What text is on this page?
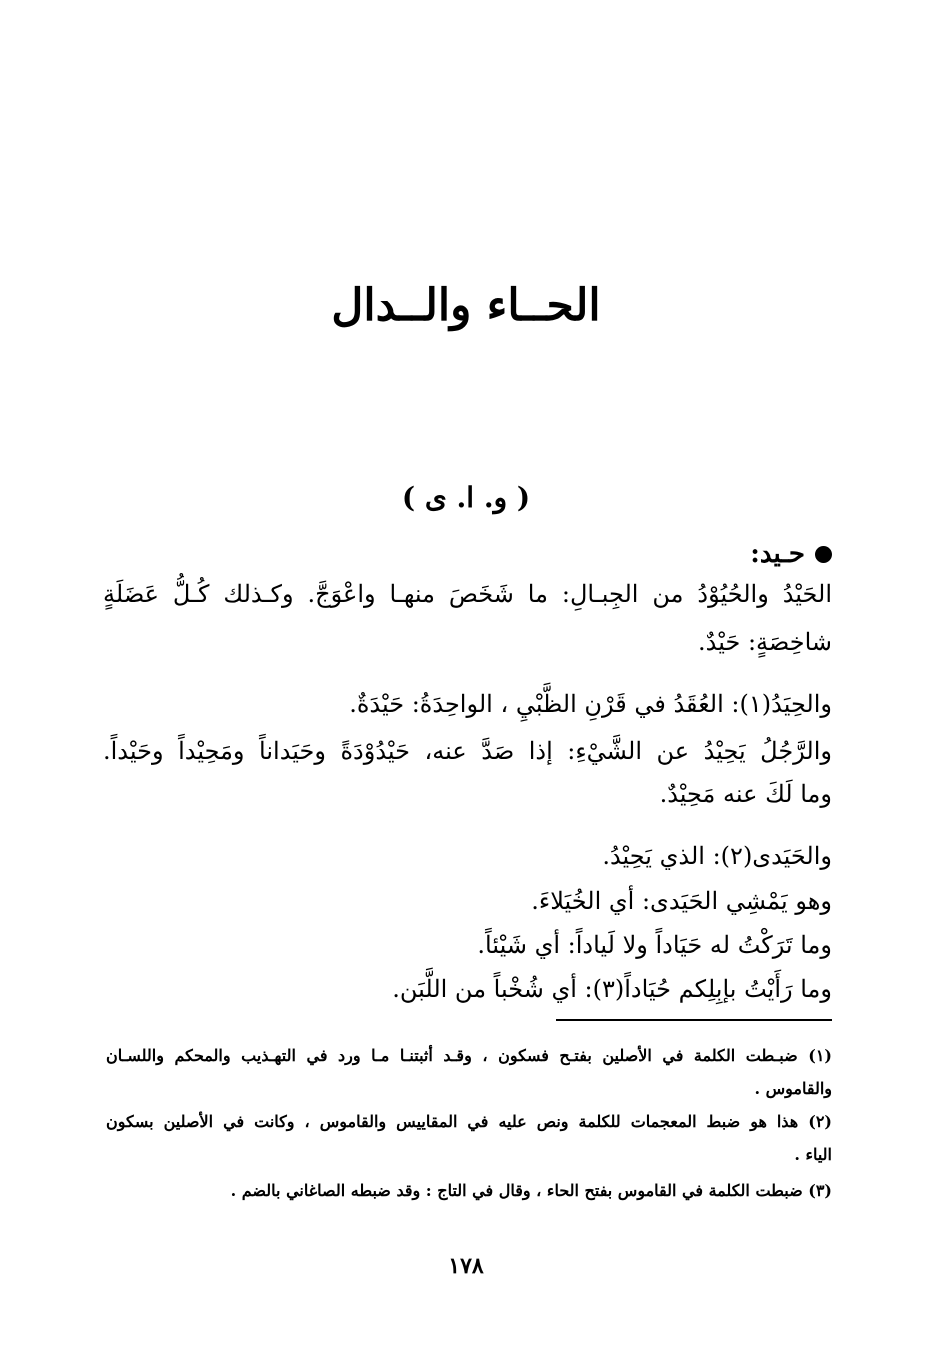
الحــاء والــدال
( و. ا. ى )
حـيد:
الحَيْدُ والحُيُوْدُ من الجِبـالِ: ما شَخَصَ منهـا واعْوَجَّ. وكـذلك كُـلُّ عَضَلَةٍ
شاخِصَةٍ: حَيْدٌ.
والحِيَدُ(١): العُقَدُ في قَرْنِ الظَّبْيِ ، الواحِدَةُ: حَيْدَةٌ.
والرَّجُلُ يَحِيْدُ عن الشَّيْءِ: إذا صَدَّ عنه، حَيْدُوْدَةً وحَيَداناً ومَحِيْداً وحَيْداً.
وما لَكَ عنه مَحِيْدٌ.
والحَيَدى(٢): الذي يَحِيْدُ.
وهو يَمْشِي الحَيَدى: أي الخُيَلاءَ.
وما تَرَكْتُ له حَيَاداً ولا لَياداً: أي شَيْئاً.
وما رَأَيْتُ بإبِلِكم حُيَاداً(٣): أي شُخْباً من اللَّبَن.
(١) ضبـطت الكلمة في الأصلين بفتـح فسكون ، وقـد أثبتنـا مـا ورد في التهـذيب والمحكم واللسـان
والقاموس .
(٢) هذا هو ضبط المعجمات للكلمة ونص عليه في المقاييس والقاموس ، وكانت في الأصلين بسكون
الياء .
(٣) ضبطت الكلمة في القاموس بفتح الحاء ، وقال في التاج : وقد ضبطه الصاغاني بالضم .
١٧٨
